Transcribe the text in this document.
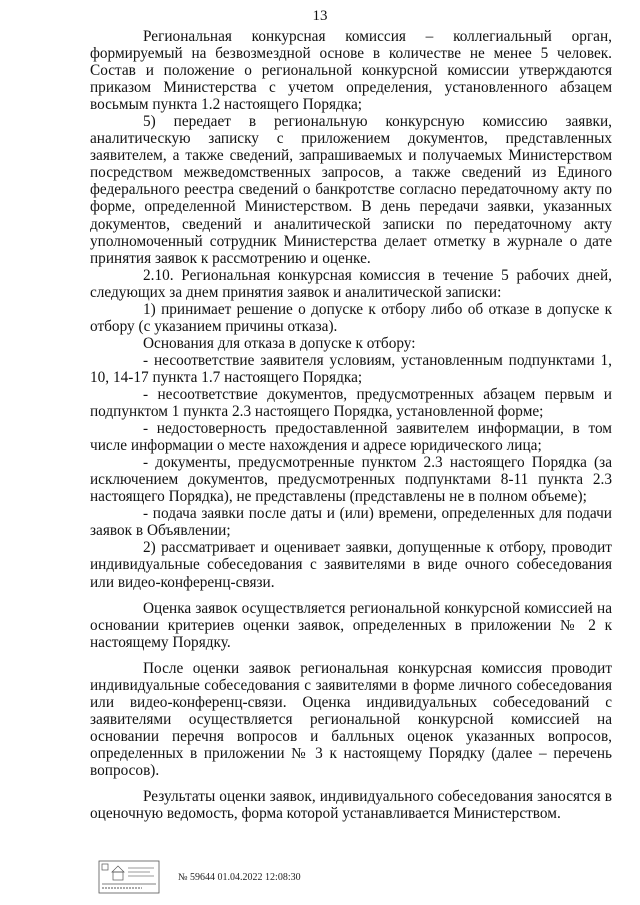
13

Региональная конкурсная комиссия – коллегиальный орган, формируемый на безвозмездной основе в количестве не менее 5 человек. Состав и положение о региональной конкурсной комиссии утверждаются приказом Министерства с учетом определения, установленного абзацем восьмым пункта 1.2 настоящего Порядка;

5) передает в региональную конкурсную комиссию заявки, аналитическую записку с приложением документов, представленных заявителем, а также сведений, запрашиваемых и получаемых Министерством посредством межведомственных запросов, а также сведений из Единого федерального реестра сведений о банкротстве согласно передаточному акту по форме, определенной Министерством. В день передачи заявки, указанных документов, сведений и аналитической записки по передаточному акту уполномоченный сотрудник Министерства делает отметку в журнале о дате принятия заявок к рассмотрению и оценке.

2.10. Региональная конкурсная комиссия в течение 5 рабочих дней, следующих за днем принятия заявок и аналитической записки:

1) принимает решение о допуске к отбору либо об отказе в допуске к отбору (с указанием причины отказа).

Основания для отказа в допуске к отбору:

- несоответствие заявителя условиям, установленным подпунктами 1, 10, 14-17 пункта 1.7 настоящего Порядка;

- несоответствие документов, предусмотренных абзацем первым и подпунктом 1 пункта 2.3 настоящего Порядка, установленной форме;

- недостоверность предоставленной заявителем информации, в том числе информации о месте нахождения и адресе юридического лица;

- документы, предусмотренные пунктом 2.3 настоящего Порядка (за исключением документов, предусмотренных подпунктами 8-11 пункта 2.3 настоящего Порядка), не представлены (представлены не в полном объеме);

- подача заявки после даты и (или) времени, определенных для подачи заявок в Объявлении;

2) рассматривает и оценивает заявки, допущенные к отбору, проводит индивидуальные собеседования с заявителями в виде очного собеседования или видео-конференц-связи.

Оценка заявок осуществляется региональной конкурсной комиссией на основании критериев оценки заявок, определенных в приложении № 2 к настоящему Порядку.

После оценки заявок региональная конкурсная комиссия проводит индивидуальные собеседования с заявителями в форме личного собеседования или видео-конференц-связи. Оценка индивидуальных собеседований с заявителями осуществляется региональной конкурсной комиссией на основании перечня вопросов и балльных оценок указанных вопросов, определенных в приложении № 3 к настоящему Порядку (далее – перечень вопросов).

Результаты оценки заявок, индивидуального собеседования заносятся в оценочную ведомость, форма которой устанавливается Министерством.

№ 59644 01.04.2022 12:08:30
